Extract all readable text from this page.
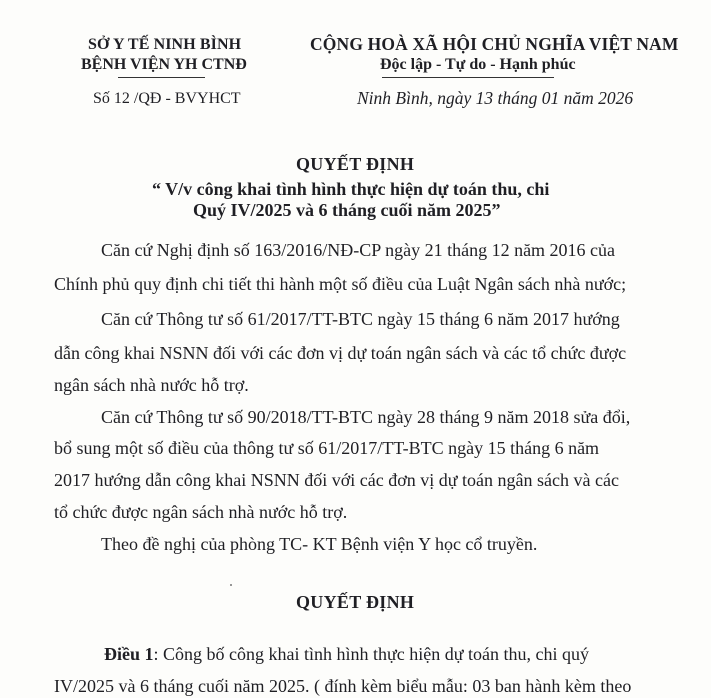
SỞ Y TẾ NINH BÌNH
BỆNH VIỆN YH CTNĐ
Số 12 /QĐ - BVYHCT
CỘNG HOÀ XÃ HỘI CHỦ NGHĨA VIỆT NAM
Độc lập - Tự do - Hạnh phúc
Ninh Bình, ngày 13 tháng 01 năm 2026
QUYẾT ĐỊNH
“ V/v công khai tình hình thực hiện dự toán thu, chi
Quý IV/2025 và 6 tháng cuối năm 2025”
Căn cứ Nghị định số 163/2016/NĐ-CP ngày 21 tháng 12 năm 2016 của
Chính phủ quy định chi tiết thi hành một số điều của Luật Ngân sách nhà nước;
Căn cứ Thông tư số 61/2017/TT-BTC ngày 15 tháng 6 năm 2017 hướng
dẫn công khai NSNN đối với các đơn vị dự toán ngân sách và các tổ chức được
ngân sách nhà nước hỗ trợ.
Căn cứ Thông tư số 90/2018/TT-BTC ngày 28 tháng 9 năm 2018 sửa đổi,
bổ sung một số điều của thông tư số 61/2017/TT-BTC ngày 15 tháng 6 năm
2017 hướng dẫn công khai NSNN đối với các đơn vị dự toán ngân sách và các
tổ chức được ngân sách nhà nước hỗ trợ.
Theo đề nghị của phòng TC- KT Bệnh viện Y học cổ truyền.
QUYẾT ĐỊNH
Điều 1: Công bố công khai tình hình thực hiện dự toán thu, chi quý
IV/2025 và 6 tháng cuối năm 2025. ( đính kèm biểu mẫu: 03 ban hành kèm theo
